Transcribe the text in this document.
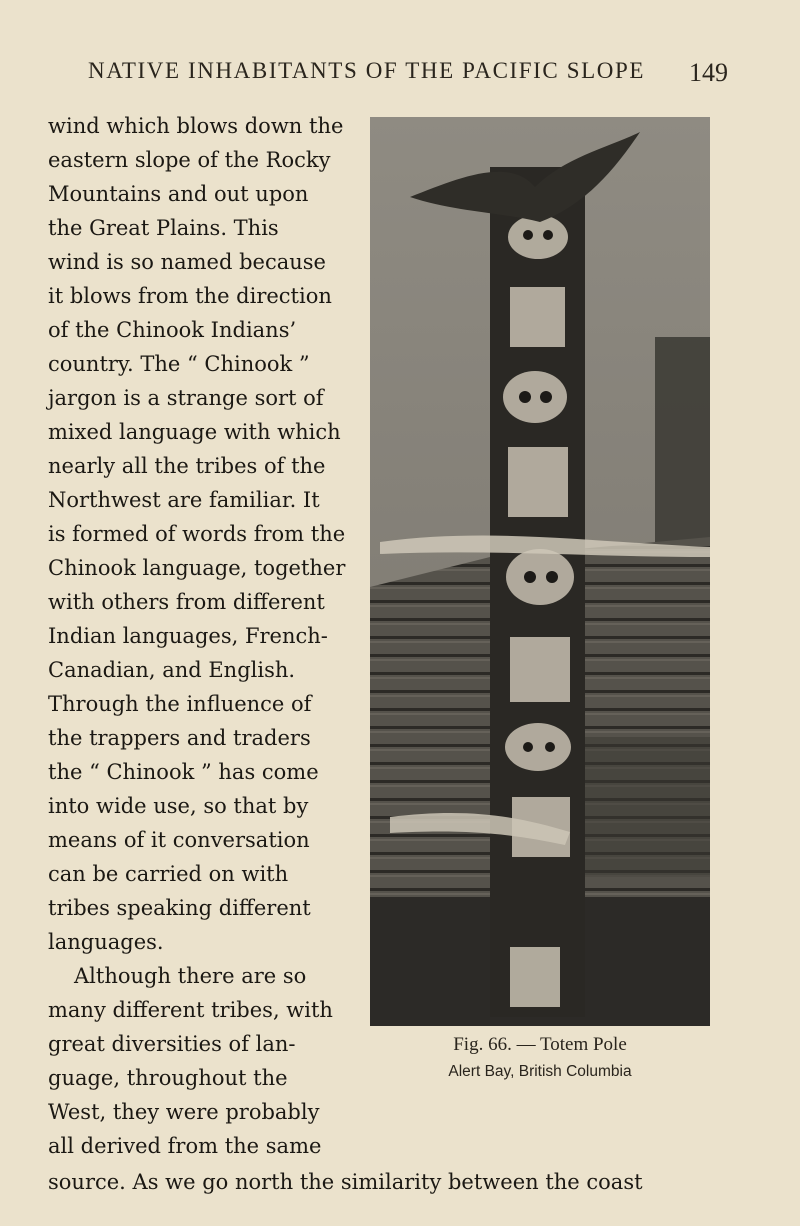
NATIVE INHABITANTS OF THE PACIFIC SLOPE 149
wind which blows down the
eastern slope of the Rocky
Mountains and out upon
the Great Plains. This
wind is so named because
it blows from the direction
of the Chinook Indians’
country. The “ Chinook ”
jargon is a strange sort of
mixed language with which
nearly all the tribes of the
Northwest are familiar. It
is formed of words from the
Chinook language, together
with others from different
Indian languages, French-
Canadian, and English.
Through the influence of
the trappers and traders
the “ Chinook ” has come
into wide use, so that by
means of it conversation
can be carried on with
tribes speaking different
languages.
Although there are so
many different tribes, with
great diversities of lan-
guage, throughout the
West, they were probably
all derived from the same
source. As we go north the similarity between the coast
Fig. 66. — Totem Pole
Alert Bay, British Columbia
